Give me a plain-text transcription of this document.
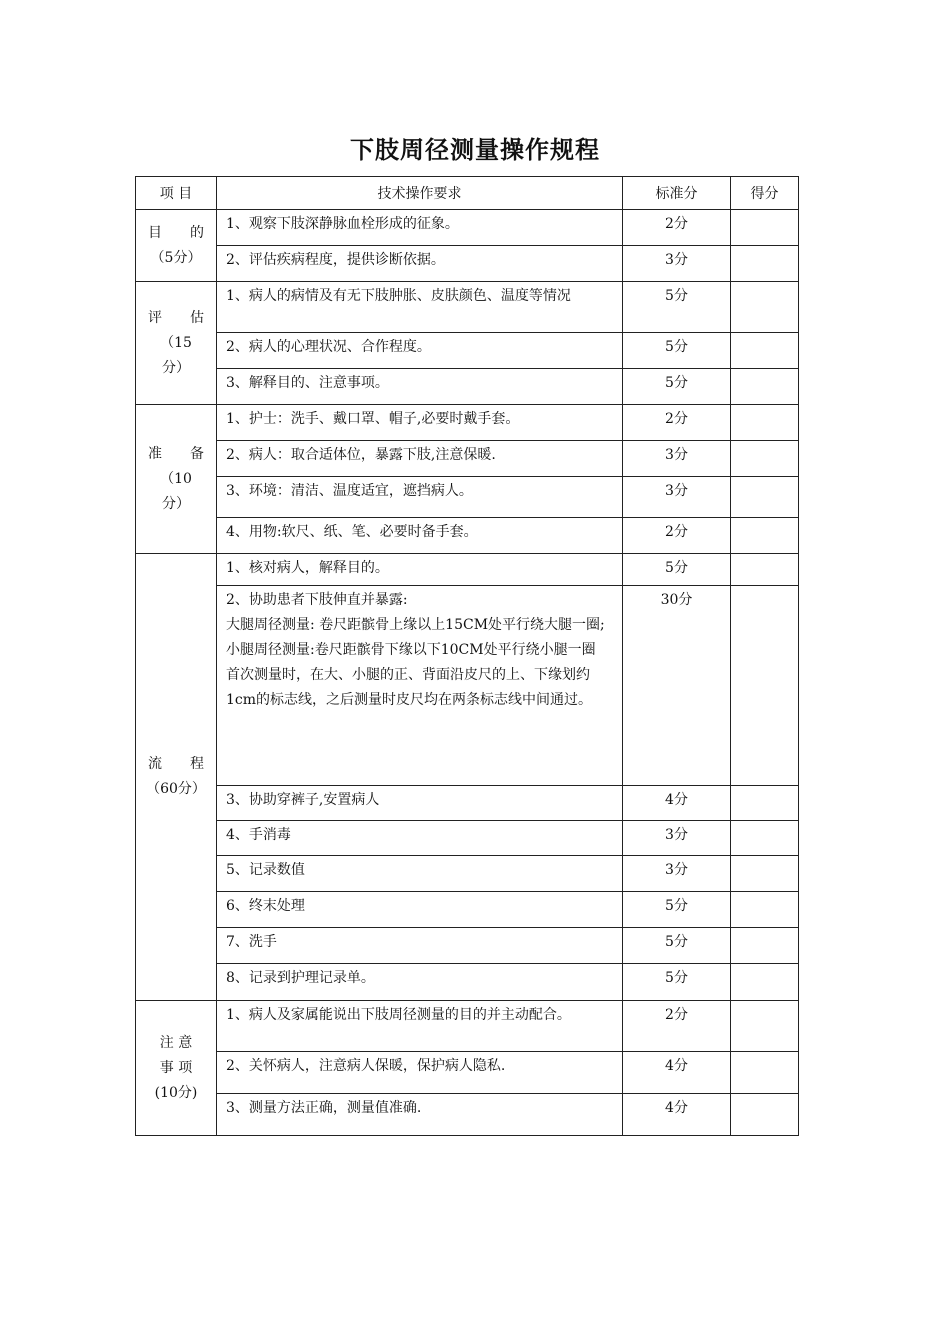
下肢周径测量操作规程
项 目	技术操作要求	标准分	得分

目 的
（5分）	1、观察下肢深静脉血栓形成的征象。	2分	
	2、评估疾病程度，提供诊断依据。	3分	

评 估
（15
分）	1、病人的病情及有无下肢肿胀、皮肤颜色、温度等情况	5分	
	2、病人的心理状况、合作程度。	5分	
	3、解释目的、注意事项。	5分	

准 备
（10
分）	1、护士：洗手、戴口罩、帽子,必要时戴手套。	2分	
	2、病人：取合适体位，暴露下肢,注意保暖.	3分	
	3、环境：清洁、温度适宜，遮挡病人。	3分	
	4、用物:软尺、纸、笔、必要时备手套。	2分	

流 程
（60分）	1、核对病人，解释目的。	5分	
	2、协助患者下肢伸直并暴露:
大腿周径测量: 卷尺距髌骨上缘以上15CM处平行绕大腿一圈;
小腿周径测量:卷尺距髌骨下缘以下10CM处平行绕小腿一圈
首次测量时，在大、小腿的正、背面沿皮尺的上、下缘划约1cm的标志线，之后测量时皮尺均在两条标志线中间通过。	30分	
	3、协助穿裤子,安置病人	4分	
	4、手消毒	3分	
	5、记录数值	3分	
	6、终末处理	5分	
	7、洗手	5分	
	8、记录到护理记录单。	5分	

注 意
事 项
(10分)	1、病人及家属能说出下肢周径测量的目的并主动配合。	2分	
	2、关怀病人，注意病人保暖，保护病人隐私.	4分	
	3、测量方法正确，测量值准确.	4分	
